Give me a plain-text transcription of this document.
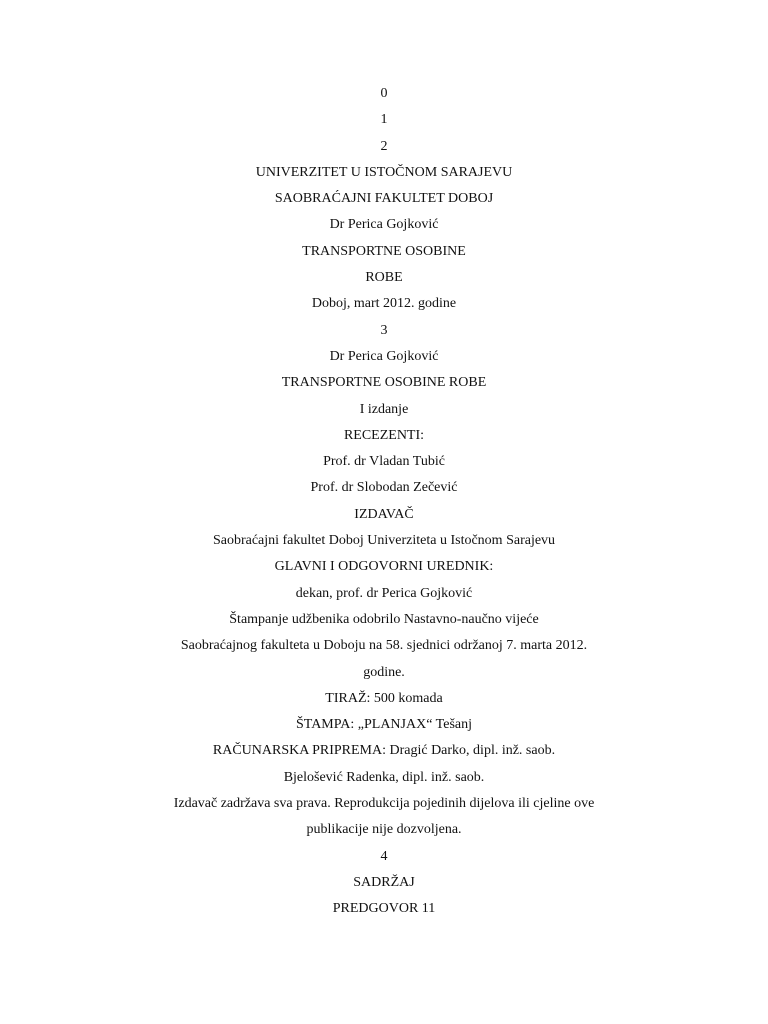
0
1
2
UNIVERZITET U ISTOČNOM SARAJEVU
SAOBRAĆAJNI FAKULTET DOBOJ
Dr Perica Gojković
TRANSPORTNE OSOBINE
ROBE
Doboj, mart 2012. godine
3
Dr Perica Gojković
TRANSPORTNE OSOBINE ROBE
I izdanje
RECEZENTI:
Prof. dr Vladan Tubić
Prof. dr Slobodan Zečević
IZDAVAČ
Saobraćajni fakultet Doboj Univerziteta u Istočnom Sarajevu
GLAVNI I ODGOVORNI UREDNIK:
dekan, prof. dr Perica Gojković
Štampanje udžbenika odobrilo Nastavno-naučno vijeće
Saobraćajnog fakulteta u Doboju na 58. sjednici održanoj 7. marta 2012.
godine.
TIRAŽ: 500 komada
ŠTAMPA: „PLANJAX“ Tešanj
RAČUNARSKA PRIPREMA: Dragić Darko, dipl. inž. saob.
Bjelošević Radenka, dipl. inž. saob.
Izdavač zadržava sva prava. Reprodukcija pojedinih dijelova ili cjeline ove
publikacije nije dozvoljena.
4
SADRŽAJ
PREDGOVOR 11
